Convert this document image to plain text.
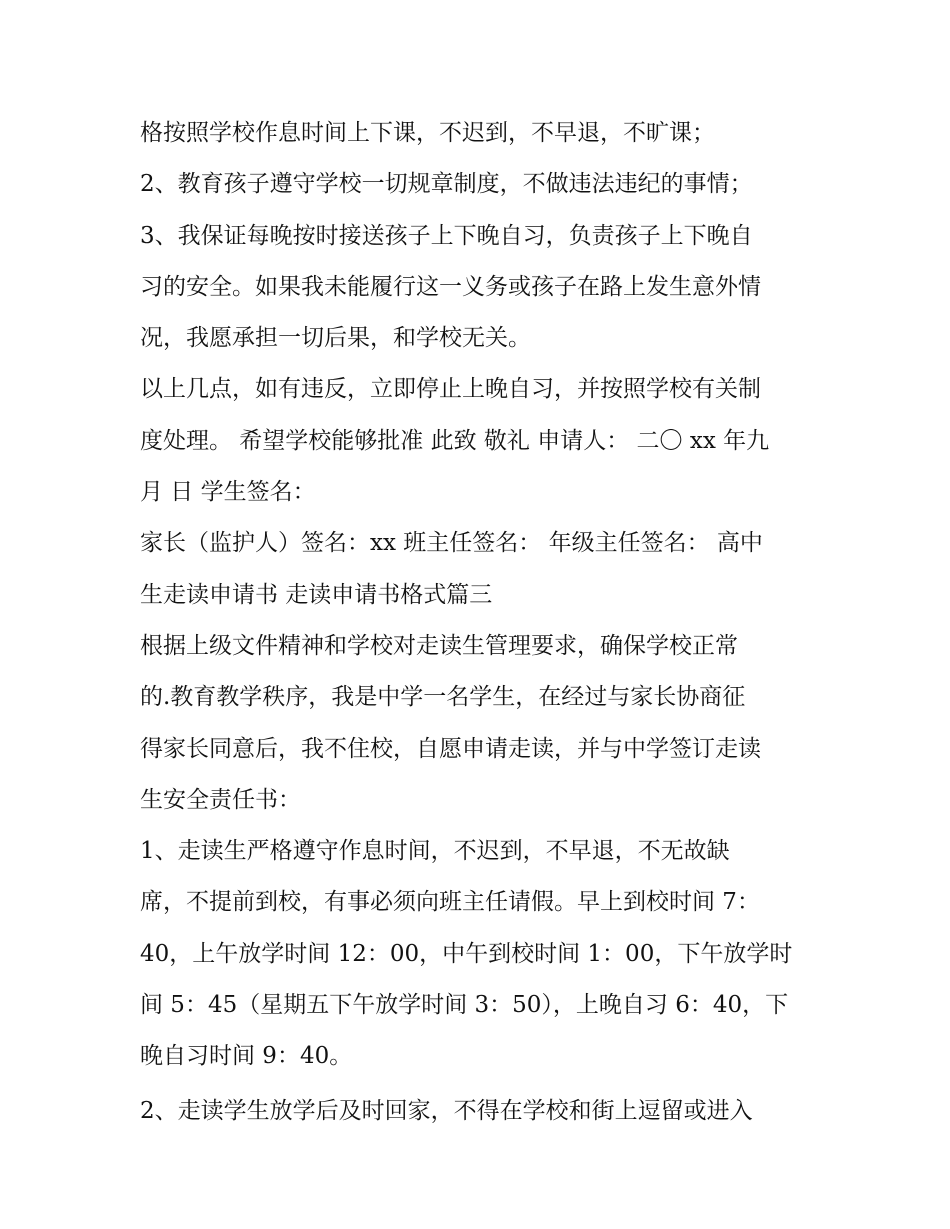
格按照学校作息时间上下课，不迟到，不早退，不旷课；
2、教育孩子遵守学校一切规章制度，不做违法违纪的事情；
3、我保证每晚按时接送孩子上下晚自习，负责孩子上下晚自
习的安全。如果我未能履行这一义务或孩子在路上发生意外情
况，我愿承担一切后果，和学校无关。
以上几点，如有违反，立即停止上晚自习，并按照学校有关制
度处理。 希望学校能够批准 此致 敬礼 申请人： 二〇 xx 年九
月 日 学生签名：
家长（监护人）签名：xx 班主任签名： 年级主任签名： 高中
生走读申请书 走读申请书格式篇三
根据上级文件精神和学校对走读生管理要求，确保学校正常
的.教育教学秩序，我是中学一名学生，在经过与家长协商征
得家长同意后，我不住校，自愿申请走读，并与中学签订走读
生安全责任书：
1、走读生严格遵守作息时间，不迟到，不早退，不无故缺
席，不提前到校，有事必须向班主任请假。早上到校时间 7：
40，上午放学时间 12：00，中午到校时间 1：00，下午放学时
间 5：45（星期五下午放学时间 3：50），上晚自习 6：40，下
晚自习时间 9：40。
2、走读学生放学后及时回家，不得在学校和街上逗留或进入
